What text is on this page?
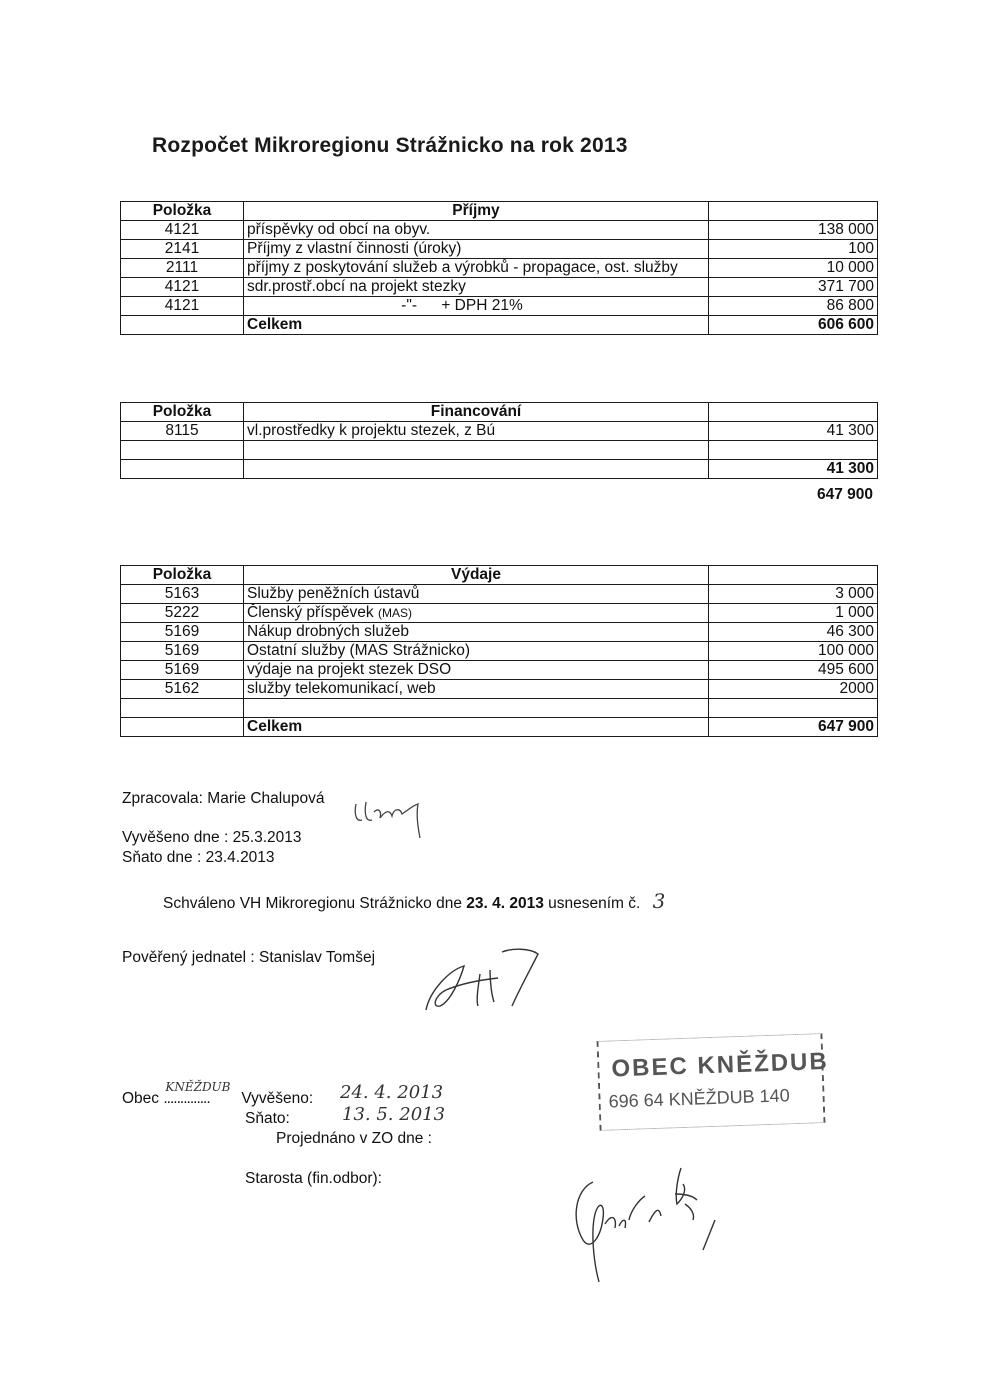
Rozpočet Mikroregionu Strážnicko na rok 2013
Položka	Příjmy	
4121	příspěvky od obcí na obyv.	138 000
2141	Příjmy z vlastní činnosti (úroky)	100
2111	příjmy z poskytování služeb a výrobků - propagace, ost. služby	10 000
4121	sdr.prostř.obcí na projekt stezky	371 700
4121	-"- + DPH 21%	86 800
	Celkem	606 600
Položka	Financování	
8115	vl.prostředky k projektu stezek, z Bú	41 300

		41 300
647 900
Položka	Výdaje	
5163	Služby peněžních ústavů	3 000
5222	Členský příspěvek (MAS)	1 000
5169	Nákup drobných služeb	46 300
5169	Ostatní služby (MAS Strážnicko)	100 000
5169	výdaje na projekt stezek DSO	495 600
5162	služby telekomunikací, web	2000

	Celkem	647 900
Zpracovala: Marie Chalupová
Vyvěšeno dne : 25.3.2013
Sňato dne : 23.4.2013
Schváleno VH Mikroregionu Strážnicko dne 23. 4. 2013 usnesením č. 3
Pověřený jednatel : Stanislav Tomšej
OBEC KNĚŽDUB
696 64 KNĚŽDUB 140
Obec
KNĚŽDUB
.............. Vyvěšeno: 24. 4. 2013
Sňato:	13. 5. 2013
Projednáno v ZO dne :
Starosta (fin.odbor):
